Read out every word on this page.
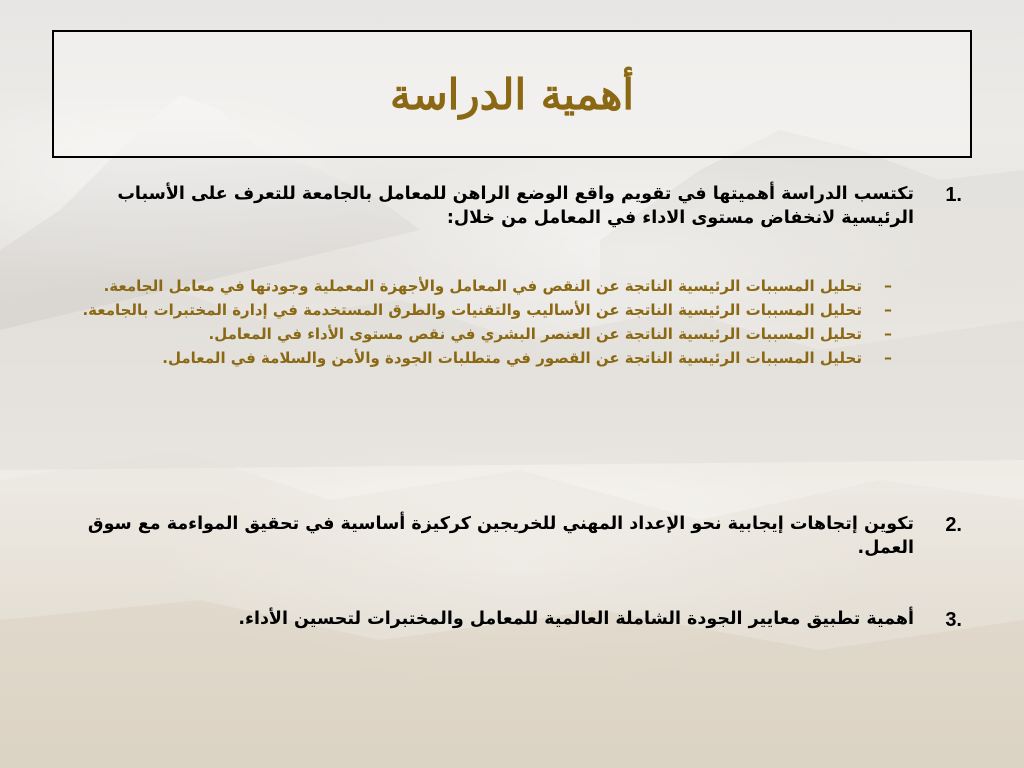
أهمية الدراسة
1.
تكتسب الدراسة أهميتها في تقويم واقع الوضع الراهن للمعامل بالجامعة للتعرف على الأسباب الرئيسية لانخفاض مستوى الاداء في المعامل من خلال:
–
تحليل المسببات الرئيسية الناتجة عن النقص في المعامل والأجهزة المعملية وجودتها في معامل الجامعة.
–
تحليل المسببات الرئيسية الناتجة عن الأساليب والتقنيات والطرق المستخدمة في إدارة المختبرات بالجامعة.
–
تحليل المسببات الرئيسية الناتجة عن العنصر البشري في نقص مستوى الأداء في المعامل.
–
تحليل المسببات الرئيسية الناتجة عن القصور في متطلبات الجودة والأمن والسلامة في المعامل.
2.
تكوين إتجاهات إيجابية نحو الإعداد المهني للخريجين كركيزة أساسية في تحقيق المواءمة مع سوق العمل.
3.
أهمية تطبيق معايير الجودة الشاملة العالمية للمعامل والمختبرات لتحسين الأداء.
